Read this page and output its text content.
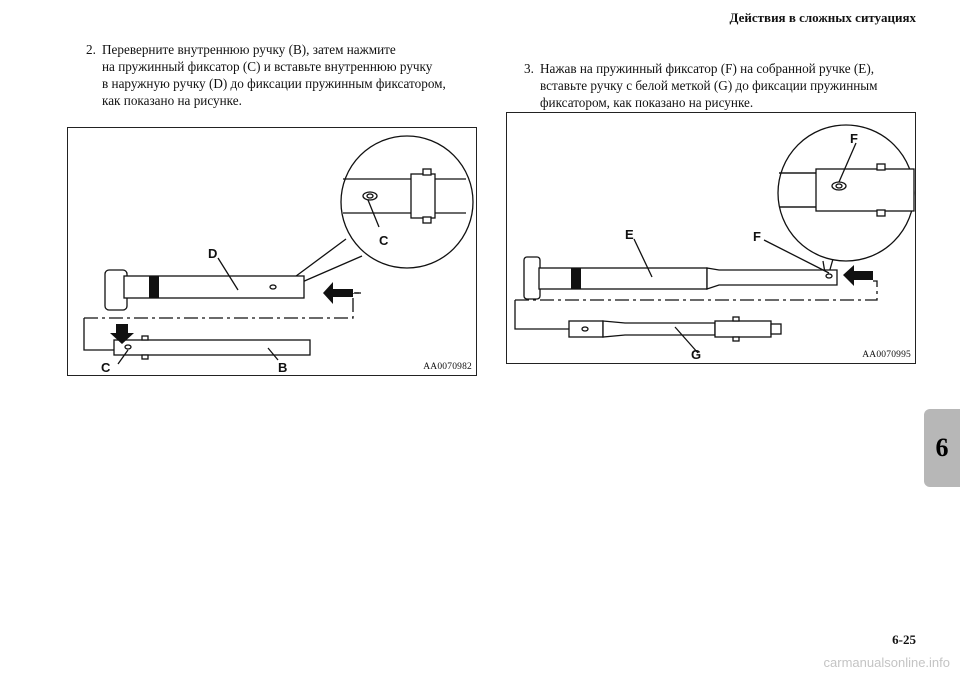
Действия в сложных ситуациях
2. Переверните внутреннюю ручку (B), затем нажмите
на пружинный фиксатор (C) и вставьте внутреннюю ручку
в наружную ручку (D) до фиксации пружинным фиксатором,
как показано на рисунке.
3. Нажав на пружинный фиксатор (F) на собранной ручке (E),
вставьте ручку с белой меткой (G) до фиксации пружинным
фиксатором, как показано на рисунке.
D
C
C	B	AA0070982
F
E	F
G	AA0070995
6
6-25
carmanualsonline.info
